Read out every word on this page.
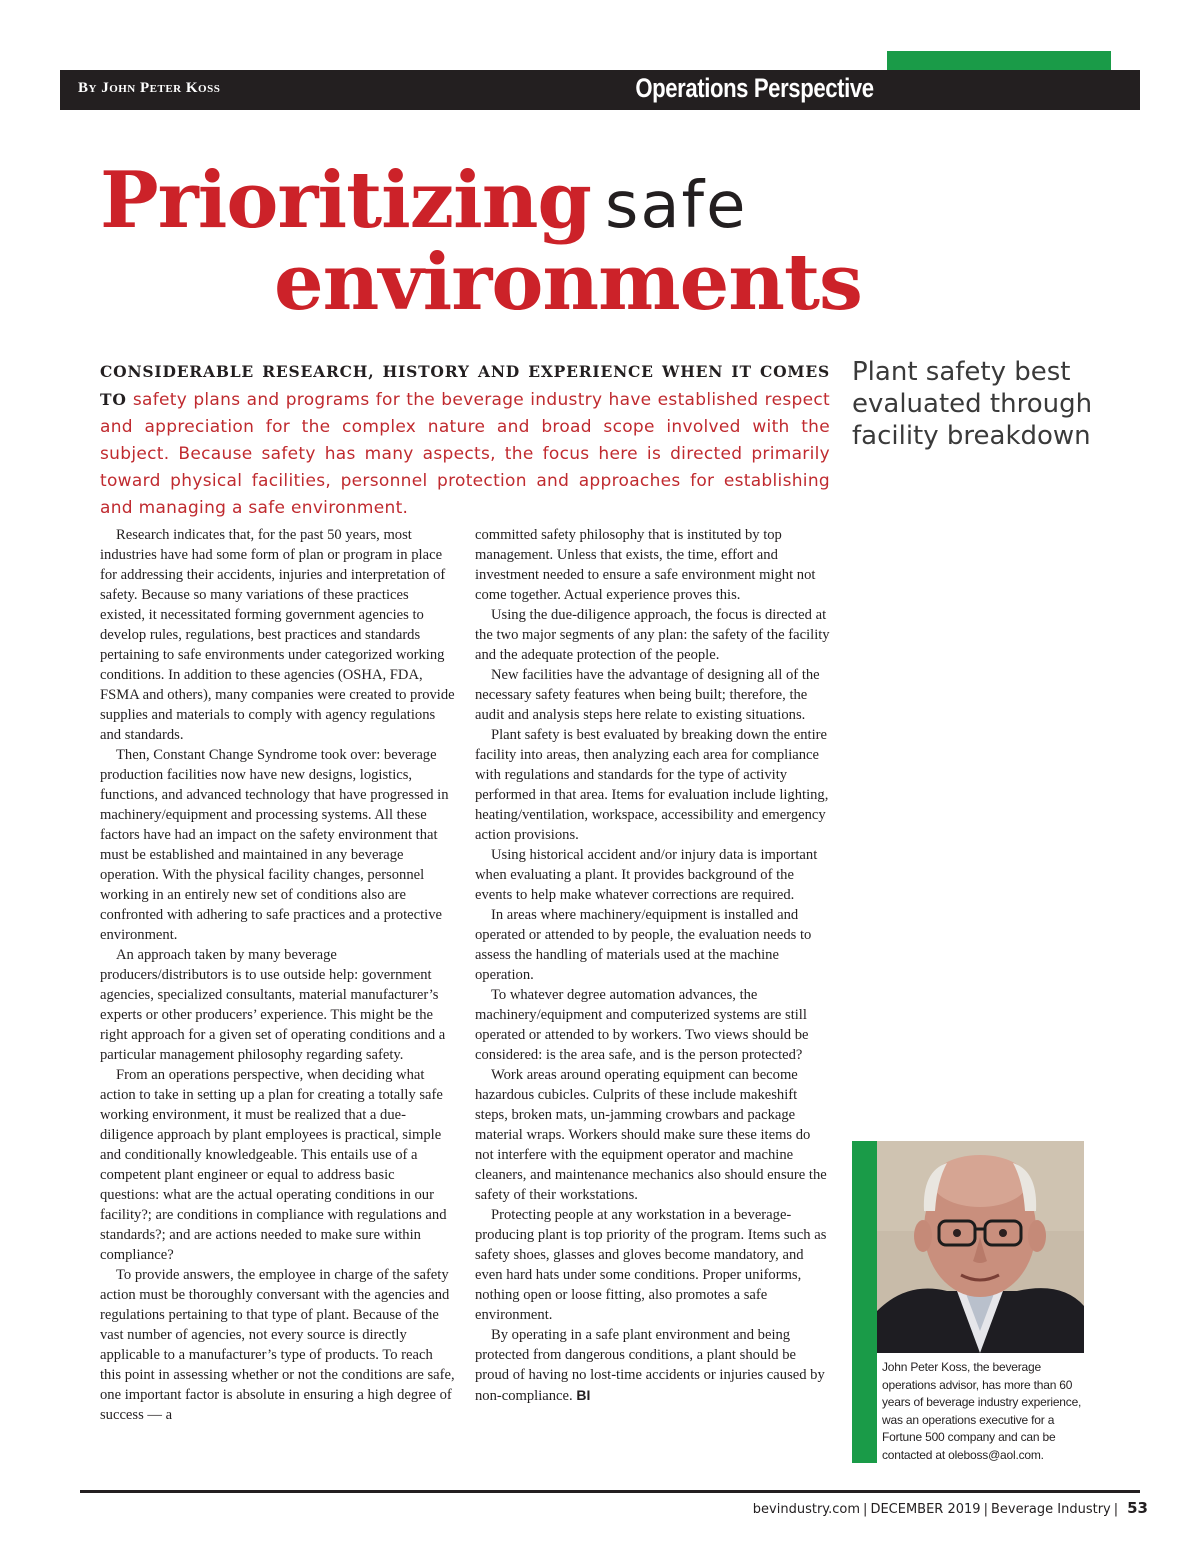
By John Peter Koss	Operations Perspective
Prioritizing safe
environments
Plant safety best evaluated through facility breakdown
CONSIDERABLE RESEARCH, HISTORY AND EXPERIENCE WHEN IT COMES TO safety plans and programs for the beverage industry have established respect and appreciation for the complex nature and broad scope involved with the subject. Because safety has many aspects, the focus here is directed primarily toward physical facilities, personnel protection and approaches for establishing and managing a safe environment.

Research indicates that, for the past 50 years, most industries have had some form of plan or program in place for addressing their accidents, injuries and interpretation of safety. Because so many variations of these practices existed, it necessitated forming government agencies to develop rules, regulations, best practices and standards pertaining to safe environments under categorized working conditions. In addition to these agencies (OSHA, FDA, FSMA and others), many companies were created to provide supplies and materials to comply with agency regulations and standards.

Then, Constant Change Syndrome took over: beverage production facilities now have new designs, logistics, functions, and advanced technology that have progressed in machinery/equipment and processing systems. All these factors have had an impact on the safety environment that must be established and maintained in any beverage operation. With the physical facility changes, personnel working in an entirely new set of conditions also are confronted with adhering to safe practices and a protective environment.

An approach taken by many beverage producers/distributors is to use outside help: government agencies, specialized consultants, material manufacturer’s experts or other producers’ experience. This might be the right approach for a given set of operating conditions and a particular management philosophy regarding safety.

From an operations perspective, when deciding what action to take in setting up a plan for creating a totally safe working environment, it must be realized that a due-diligence approach by plant employees is practical, simple and conditionally knowledgeable. This entails use of a competent plant engineer or equal to address basic questions: what are the actual operating conditions in our facility?; are conditions in compliance with regulations and standards?; and are actions needed to make sure within compliance?

To provide answers, the employee in charge of the safety action must be thoroughly conversant with the agencies and regulations pertaining to that type of plant. Because of the vast number of agencies, not every source is directly applicable to a manufacturer’s type of products. To reach this point in assessing whether or not the conditions are safe, one important factor is absolute in ensuring a high degree of success — a

committed safety philosophy that is instituted by top management. Unless that exists, the time, effort and investment needed to ensure a safe environment might not come together. Actual experience proves this.

Using the due-diligence approach, the focus is directed at the two major segments of any plan: the safety of the facility and the adequate protection of the people.

New facilities have the advantage of designing all of the necessary safety features when being built; therefore, the audit and analysis steps here relate to existing situations.

Plant safety is best evaluated by breaking down the entire facility into areas, then analyzing each area for compliance with regulations and standards for the type of activity performed in that area. Items for evaluation include lighting, heating/ventilation, workspace, accessibility and emergency action provisions.

Using historical accident and/or injury data is important when evaluating a plant. It provides background of the events to help make whatever corrections are required.

In areas where machinery/equipment is installed and operated or attended to by people, the evaluation needs to assess the handling of materials used at the machine operation.

To whatever degree automation advances, the machinery/equipment and computerized systems are still operated or attended to by workers. Two views should be considered: is the area safe, and is the person protected?

Work areas around operating equipment can become hazardous cubicles. Culprits of these include makeshift steps, broken mats, un-jamming crowbars and package material wraps. Workers should make sure these items do not interfere with the equipment operator and machine cleaners, and maintenance mechanics also should ensure the safety of their workstations.

Protecting people at any workstation in a beverage-producing plant is top priority of the program. Items such as safety shoes, glasses and gloves become mandatory, and even hard hats under some conditions. Proper uniforms, nothing open or loose fitting, also promotes a safe environment.

By operating in a safe plant environment and being protected from dangerous conditions, a plant should be proud of having no lost-time accidents or injuries caused by non-compliance. BI

John Peter Koss, the beverage operations advisor, has more than 60 years of beverage industry experience, was an operations executive for a Fortune 500 company and can be contacted at oleboss@aol.com.
bevindustry.com | DECEMBER 2019 | Beverage Industry | 53
